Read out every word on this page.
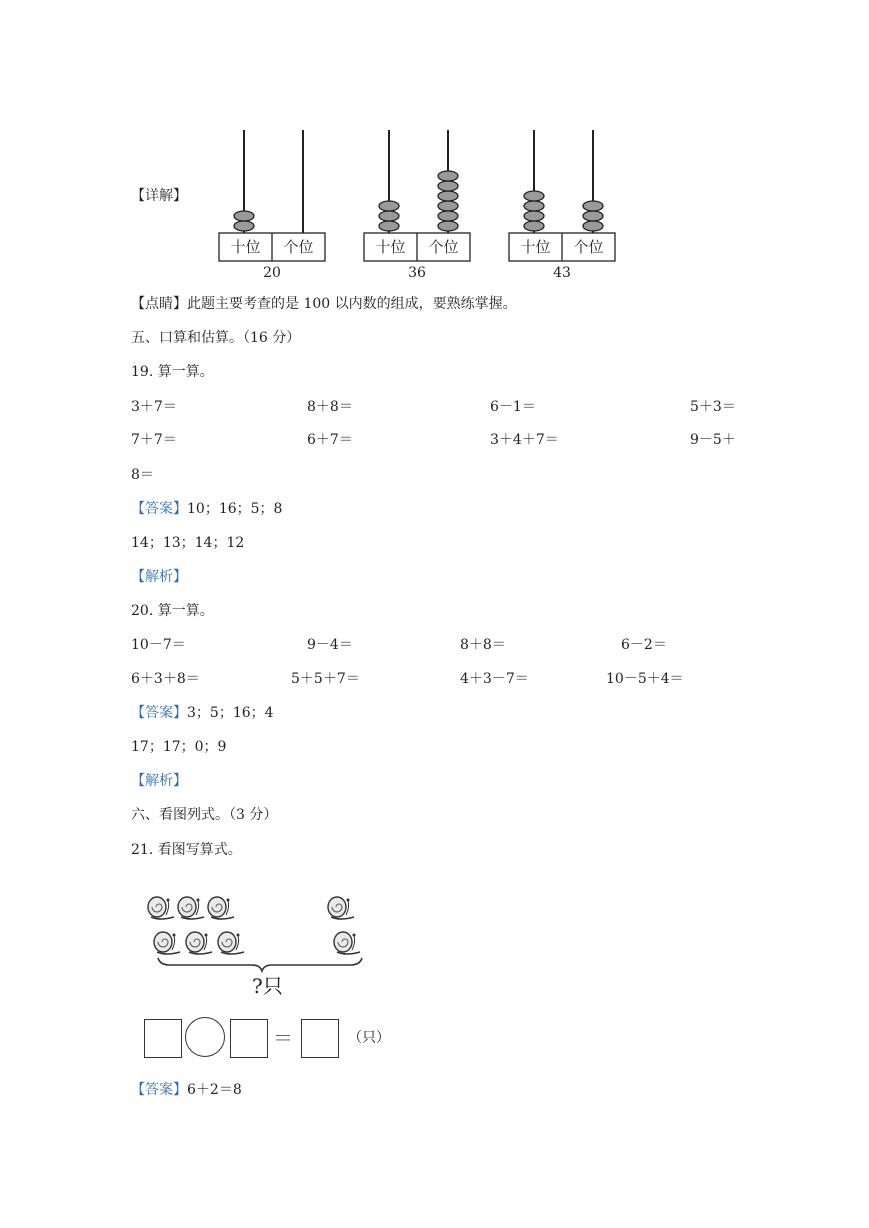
【详解】
十位 个位
20
十位 个位
36
十位 个位
43
【点睛】此题主要考查的是 100 以内数的组成，要熟练掌握。
五、口算和估算。（16 分）
19. 算一算。
3＋7＝	8＋8＝	6－1＝	5＋3＝
7＋7＝	6＋7＝	3＋4＋7＝	9－5＋
8＝
【答案】10；16；5；8
14；13；14；12
【解析】
20. 算一算。
10－7＝	9－4＝	8＋8＝	6－2＝
6＋3＋8＝	5＋5＋7＝	4＋3－7＝	10－5＋4＝
【答案】3；5；16；4
17；17；0；9
【解析】
六、看图列式。（3 分）
21. 看图写算式。
?只
＝	（只）
【答案】6＋2＝8
